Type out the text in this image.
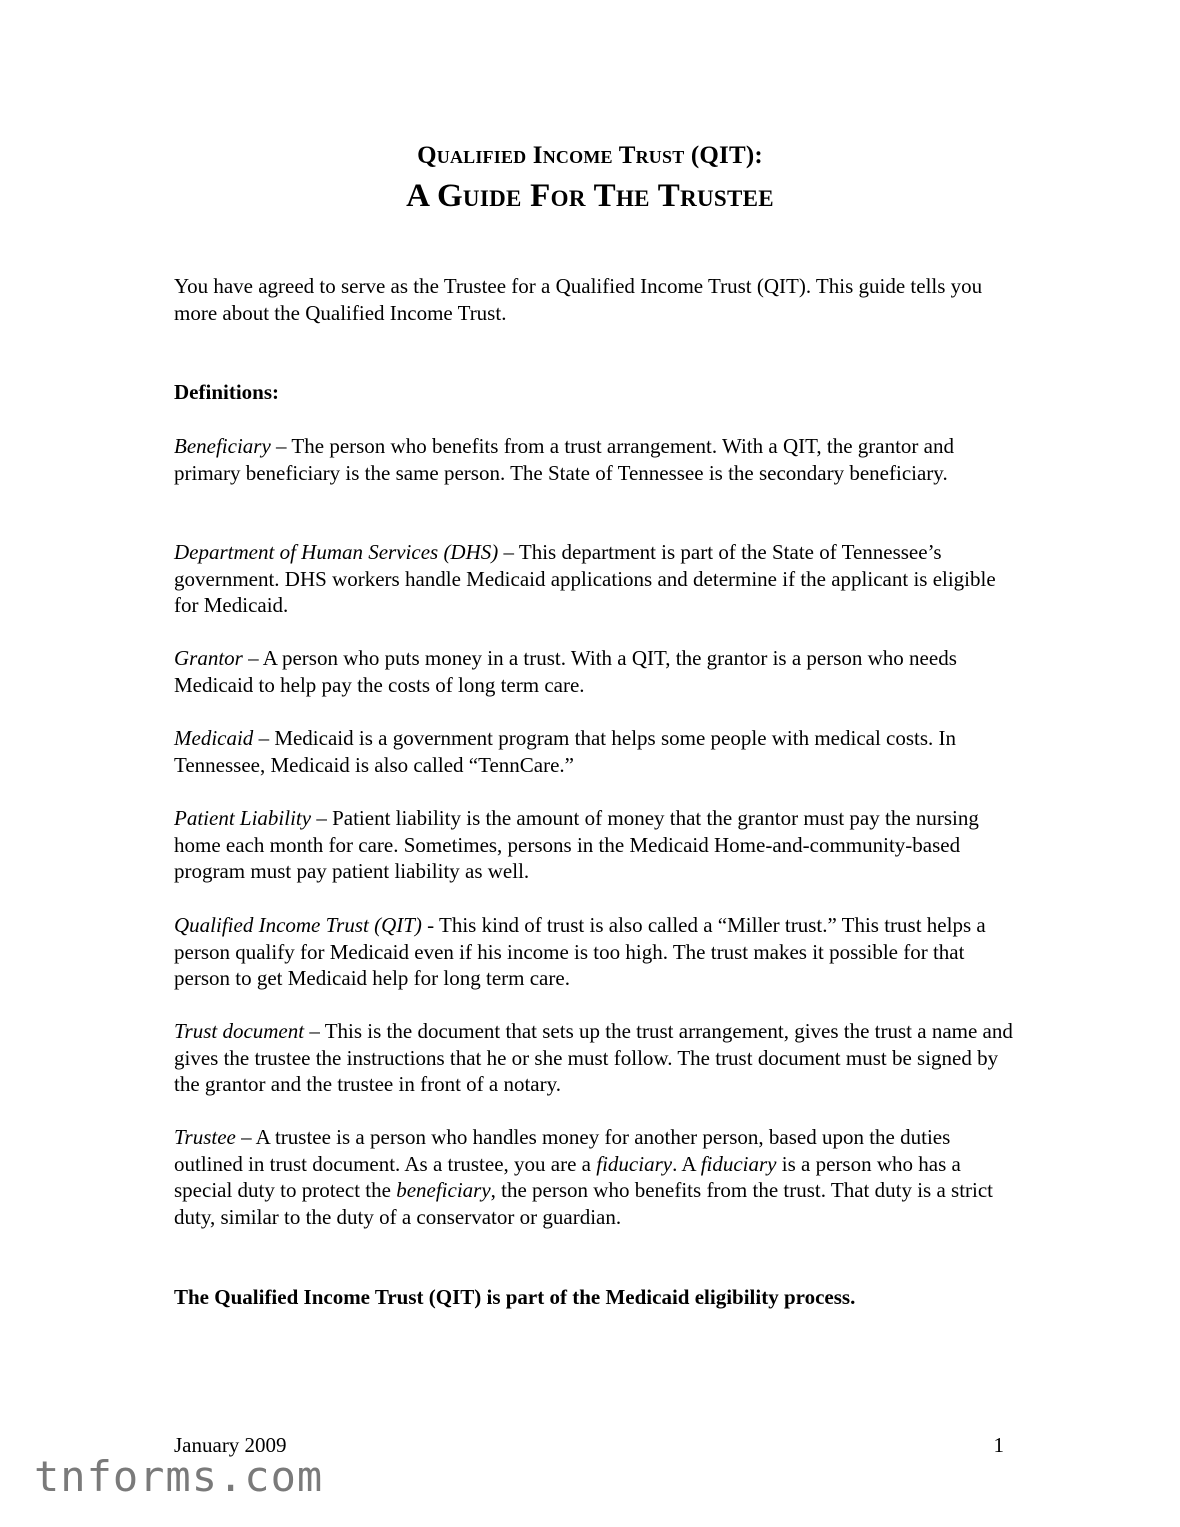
Qualified Income Trust (QIT):
A Guide For The Trustee
You have agreed to serve as the Trustee for a Qualified Income Trust (QIT). This guide tells you more about the Qualified Income Trust.
Definitions:
Beneficiary – The person who benefits from a trust arrangement. With a QIT, the grantor and primary beneficiary is the same person. The State of Tennessee is the secondary beneficiary.
Department of Human Services (DHS) – This department is part of the State of Tennessee’s government. DHS workers handle Medicaid applications and determine if the applicant is eligible for Medicaid.
Grantor – A person who puts money in a trust. With a QIT, the grantor is a person who needs Medicaid to help pay the costs of long term care.
Medicaid – Medicaid is a government program that helps some people with medical costs. In Tennessee, Medicaid is also called “TennCare.”
Patient Liability – Patient liability is the amount of money that the grantor must pay the nursing home each month for care. Sometimes, persons in the Medicaid Home-and-community-based program must pay patient liability as well.
Qualified Income Trust (QIT) - This kind of trust is also called a “Miller trust.” This trust helps a person qualify for Medicaid even if his income is too high. The trust makes it possible for that person to get Medicaid help for long term care.
Trust document – This is the document that sets up the trust arrangement, gives the trust a name and gives the trustee the instructions that he or she must follow. The trust document must be signed by the grantor and the trustee in front of a notary.
Trustee – A trustee is a person who handles money for another person, based upon the duties outlined in trust document. As a trustee, you are a fiduciary. A fiduciary is a person who has a special duty to protect the beneficiary, the person who benefits from the trust. That duty is a strict duty, similar to the duty of a conservator or guardian.
The Qualified Income Trust (QIT) is part of the Medicaid eligibility process.
January 2009	1
tnforms.com
